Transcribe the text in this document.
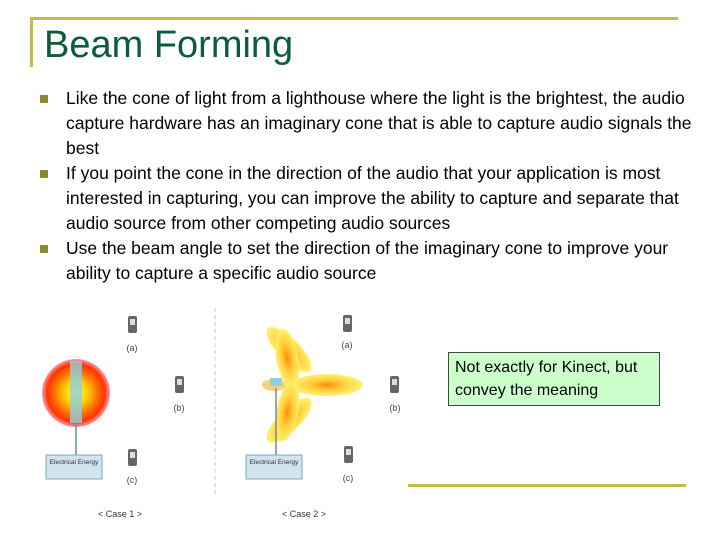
Beam Forming
Like the cone of light from a lighthouse where the light is the brightest, the audio capture hardware has an imaginary cone that is able to capture audio signals the best
If you point the cone in the direction of the audio that your application is most interested in capturing, you can improve the ability to capture and separate that audio source from other competing audio sources
Use the beam angle to set the direction of the imaginary cone to improve your ability to capture a specific audio source
Electrical Energy
(a)
(b)
(c)
< Case 1 >
Electrical Energy
(a)
(b)
(c)
< Case 2 >
Not exactly for Kinect, but convey the meaning
